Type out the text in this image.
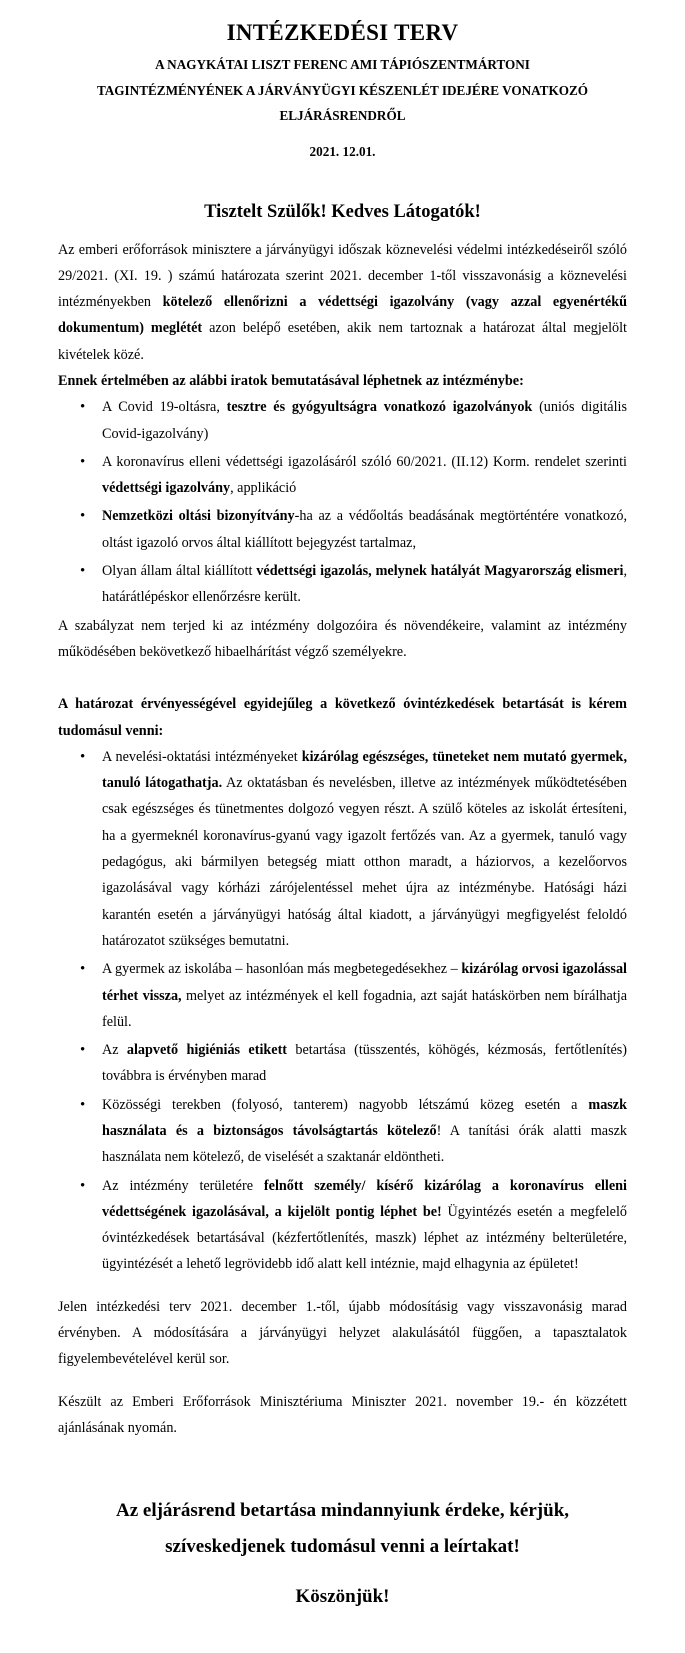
INTÉZKEDÉSI TERV
A NAGYKÁTAI LISZT FERENC AMI TÁPIÓSZENTMÁRTONI
TAGINTÉZMÉNYÉNEK A JÁRVÁNYÜGYI KÉSZENLÉT IDEJÉRE VONATKOZÓ
ELJÁRÁSRENDRŐL
2021. 12.01.
Tisztelt Szülők! Kedves Látogatók!

Az emberi erőforrások minisztere a járványügyi időszak köznevelési védelmi intézkedéseiről szóló 29/2021. (XI. 19. ) számú határozata szerint 2021. december 1-től visszavonásig a köznevelési intézményekben kötelező ellenőrizni a védettségi igazolvány (vagy azzal egyenértékű dokumentum) meglétét azon belépő esetében, akik nem tartoznak a határozat által megjelölt kivételek közé.

Ennek értelmében az alábbi iratok bemutatásával léphetnek az intézménybe:

• A Covid 19-oltásra, tesztre és gyógyultságra vonatkozó igazolványok (uniós digitális Covid-igazolvány)
• A koronavírus elleni védettségi igazolásáról szóló 60/2021. (II.12) Korm. rendelet szerinti védettségi igazolvány, applikáció
• Nemzetközi oltási bizonyítvány-ha az a védőoltás beadásának megtörténtére vonatkozó, oltást igazoló orvos által kiállított bejegyzést tartalmaz,
• Olyan állam által kiállított védettségi igazolás, melynek hatályát Magyarország elismeri, határátlépéskor ellenőrzésre került.

A szabályzat nem terjed ki az intézmény dolgozóira és növendékeire, valamint az intézmény működésében bekövetkező hibaelhárítást végző személyekre.

A határozat érvényességével egyidejűleg a következő óvintézkedések betartását is kérem tudomásul venni:

• A nevelési-oktatási intézményeket kizárólag egészséges, tüneteket nem mutató gyermek, tanuló látogathatja. Az oktatásban és nevelésben, illetve az intézmények működtetésében csak egészséges és tünetmentes dolgozó vegyen részt. A szülő köteles az iskolát értesíteni, ha a gyermeknél koronavírus-gyanú vagy igazolt fertőzés van. Az a gyermek, tanuló vagy pedagógus, aki bármilyen betegség miatt otthon maradt, a háziorvos, a kezelőorvos igazolásával vagy kórházi zárójelentéssel mehet újra az intézménybe. Hatósági házi karantén esetén a járványügyi hatóság által kiadott, a járványügyi megfigyelést feloldó határozatot szükséges bemutatni.
• A gyermek az iskolába – hasonlóan más megbetegedésekhez – kizárólag orvosi igazolással térhet vissza, melyet az intézmények el kell fogadnia, azt saját hatáskörben nem bírálhatja felül.
• Az alapvető higiéniás etikett betartása (tüsszentés, köhögés, kézmosás, fertőtlenítés) továbbra is érvényben marad
• Közösségi terekben (folyosó, tanterem) nagyobb létszámú közeg esetén a maszk használata és a biztonságos távolságtartás kötelező! A tanítási órák alatti maszk használata nem kötelező, de viselését a szaktanár eldöntheti.
• Az intézmény területére felnőtt személy/ kísérő kizárólag a koronavírus elleni védettségének igazolásával, a kijelölt pontig léphet be! Ügyintézés esetén a megfelelő óvintézkedések betartásával (kézfertőtlenítés, maszk) léphet az intézmény belterületére, ügyintézését a lehető legrövidebb idő alatt kell intéznie, majd elhagynia az épületet!

Jelen intézkedési terv 2021. december 1.-től, újabb módosításig vagy visszavonásig marad érvényben. A módosítására a járványügyi helyzet alakulásától függően, a tapasztalatok figyelembevételével kerül sor.

Készült az Emberi Erőforrások Minisztériuma Miniszter 2021. november 19.- én közzétett ajánlásának nyomán.

Az eljárásrend betartása mindannyiunk érdeke, kérjük,

szíveskedjenek tudomásul venni a leírtakat!

Köszönjük!
